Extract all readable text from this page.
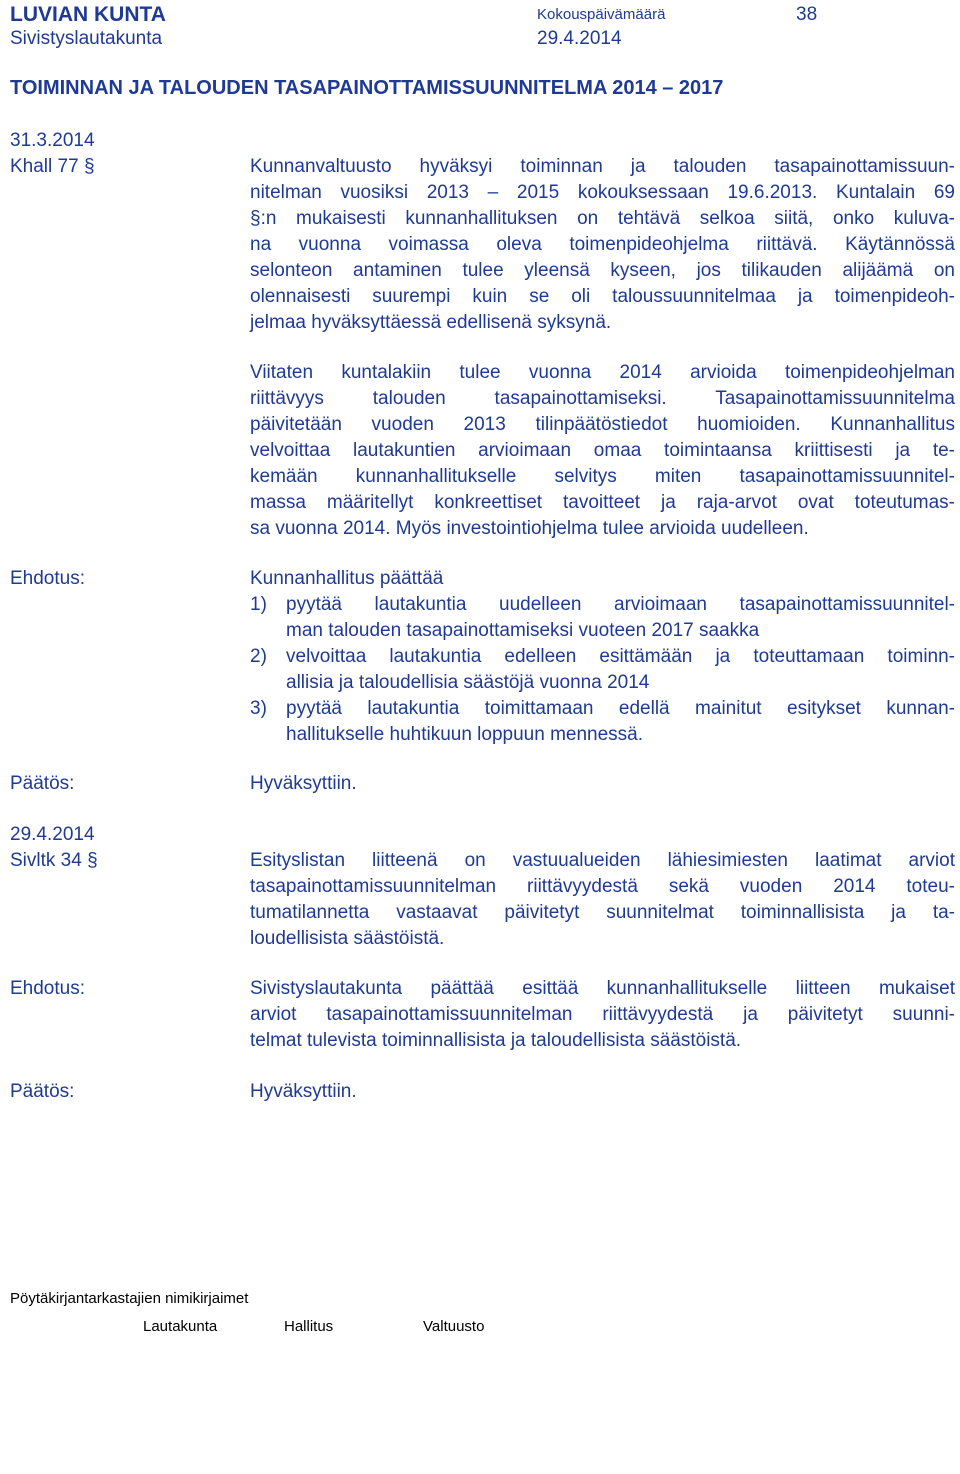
LUVIAN KUNTA	Kokouspäivämäärä	38
Sivistyslautakunta	29.4.2014
TOIMINNAN JA TALOUDEN TASAPAINOTTAMISSUUNNITELMA 2014 – 2017
31.3.2014
Khall 77 §	Kunnanvaltuusto hyväksyi toiminnan ja talouden tasapainottamissuun-
nitelman vuosiksi 2013 – 2015 kokouksessaan 19.6.2013. Kuntalain 69
§:n mukaisesti kunnanhallituksen on tehtävä selkoa siitä, onko kuluva-
na vuonna voimassa oleva toimenpideohjelma riittävä. Käytännössä
selonteon antaminen tulee yleensä kyseen, jos tilikauden alijäämä on
olennaisesti suurempi kuin se oli taloussuunnitelmaa ja toimenpideoh-
jelmaa hyväksyttäessä edellisenä syksynä.
Viitaten kuntalakiin tulee vuonna 2014 arvioida toimenpideohjelman
riittävyys talouden tasapainottamiseksi. Tasapainottamissuunnitelma
päivitetään vuoden 2013 tilinpäätöstiedot huomioiden. Kunnanhallitus
velvoittaa lautakuntien arvioimaan omaa toimintaansa kriittisesti ja te-
kemään kunnanhallitukselle selvitys miten tasapainottamissuunnitel-
massa määritellyt konkreettiset tavoitteet ja raja-arvot ovat toteutumas-
sa vuonna 2014. Myös investointiohjelma tulee arvioida uudelleen.
Ehdotus:	Kunnanhallitus päättää
1)	pyytää lautakuntia uudelleen arvioimaan tasapainottamissuunnitel-
man talouden tasapainottamiseksi vuoteen 2017 saakka
2)	velvoittaa lautakuntia edelleen esittämään ja toteuttamaan toiminn-
allisia ja taloudellisia säästöjä vuonna 2014
3)	pyytää lautakuntia toimittamaan edellä mainitut esitykset kunnan-
hallitukselle huhtikuun loppuun mennessä.
Päätös:	Hyväksyttiin.
29.4.2014
Sivltk 34 §	Esityslistan liitteenä on vastuualueiden lähiesimiesten laatimat arviot
tasapainottamissuunnitelman riittävyydestä sekä vuoden 2014 toteu-
tumatilannetta vastaavat päivitetyt suunnitelmat toiminnallisista ja ta-
loudellisista säästöistä.
Ehdotus:	Sivistyslautakunta päättää esittää kunnanhallitukselle liitteen mukaiset
arviot tasapainottamissuunnitelman riittävyydestä ja päivitetyt suunni-
telmat tulevista toiminnallisista ja taloudellisista säästöistä.
Päätös:	Hyväksyttiin.
Pöytäkirjantarkastajien nimikirjaimet
Lautakunta	Hallitus	Valtuusto
